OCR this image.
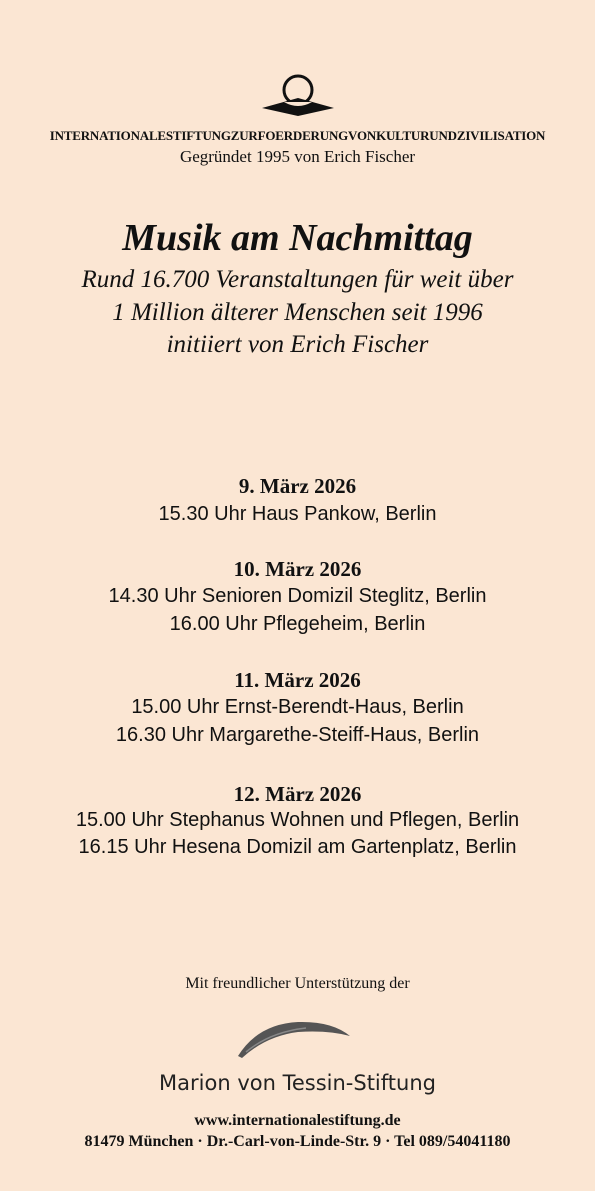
INTERNATIONALESTIFTUNGZURFOERDERUNGVONKULTURUNDZIVILISATION
Gegründet 1995 von Erich Fischer
Musik am Nachmittag
Rund 16.700 Veranstaltungen für weit über
1 Million älterer Menschen seit 1996
initiiert von Erich Fischer
9. März 2026
15.30 Uhr Haus Pankow, Berlin
10. März 2026
14.30 Uhr Senioren Domizil Steglitz, Berlin
16.00 Uhr Pflegeheim, Berlin
11. März 2026
15.00 Uhr Ernst-Berendt-Haus, Berlin
16.30 Uhr Margarethe-Steiff-Haus, Berlin
12. März 2026
15.00 Uhr Stephanus Wohnen und Pflegen, Berlin
16.15 Uhr Hesena Domizil am Gartenplatz, Berlin
Mit freundlicher Unterstützung der
Marion von Tessin-Stiftung
www.internationalestiftung.de
81479 München · Dr.-Carl-von-Linde-Str. 9 · Tel 089/54041180
